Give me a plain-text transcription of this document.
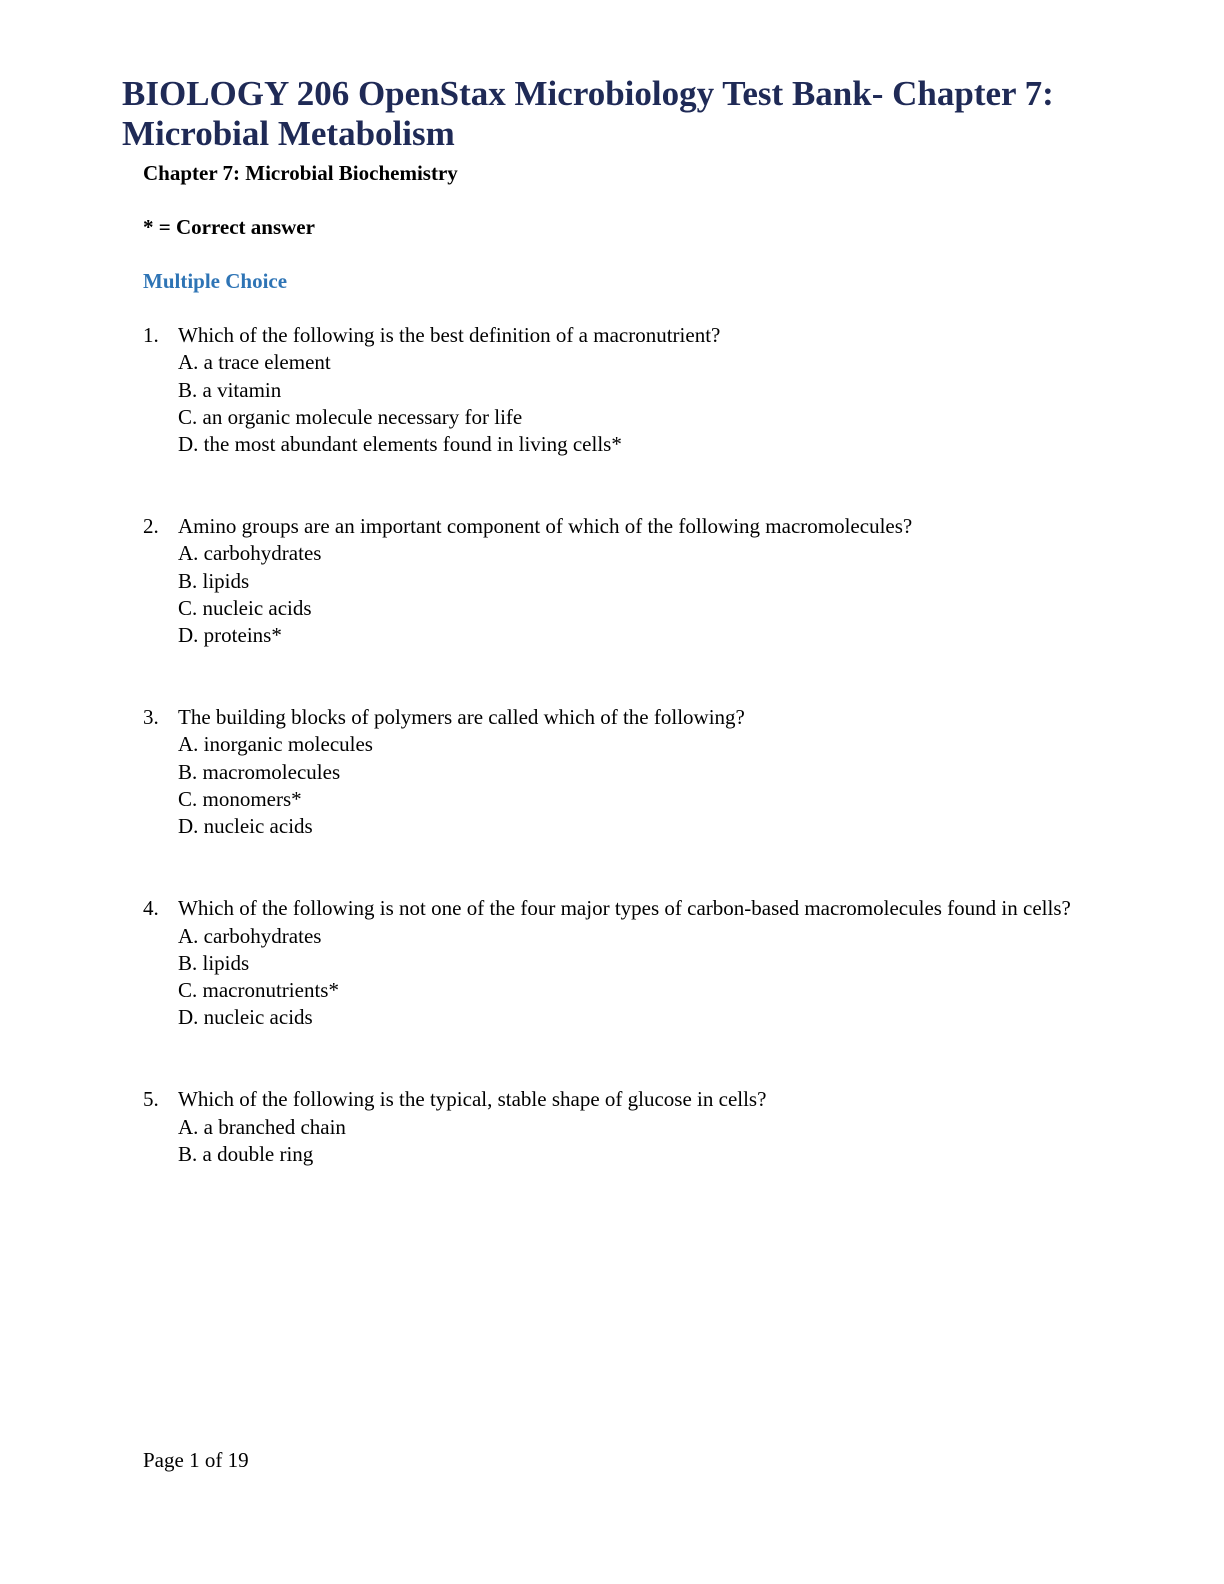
BIOLOGY 206 OpenStax Microbiology Test Bank- Chapter 7: Microbial Metabolism

Chapter 7: Microbial Biochemistry

* = Correct answer

Multiple Choice

1. Which of the following is the best definition of a macronutrient?
A. a trace element
B. a vitamin
C. an organic molecule necessary for life
D. the most abundant elements found in living cells*
2. Amino groups are an important component of which of the following macromolecules?
A. carbohydrates
B. lipids
C. nucleic acids
D. proteins*
3. The building blocks of polymers are called which of the following?
A. inorganic molecules
B. macromolecules
C. monomers*
D. nucleic acids
4. Which of the following is not one of the four major types of carbon-based macromolecules found in cells?
A. carbohydrates
B. lipids
C. macronutrients*
D. nucleic acids
5. Which of the following is the typical, stable shape of glucose in cells?
A. a branched chain
B. a double ring

Page 1 of 19
